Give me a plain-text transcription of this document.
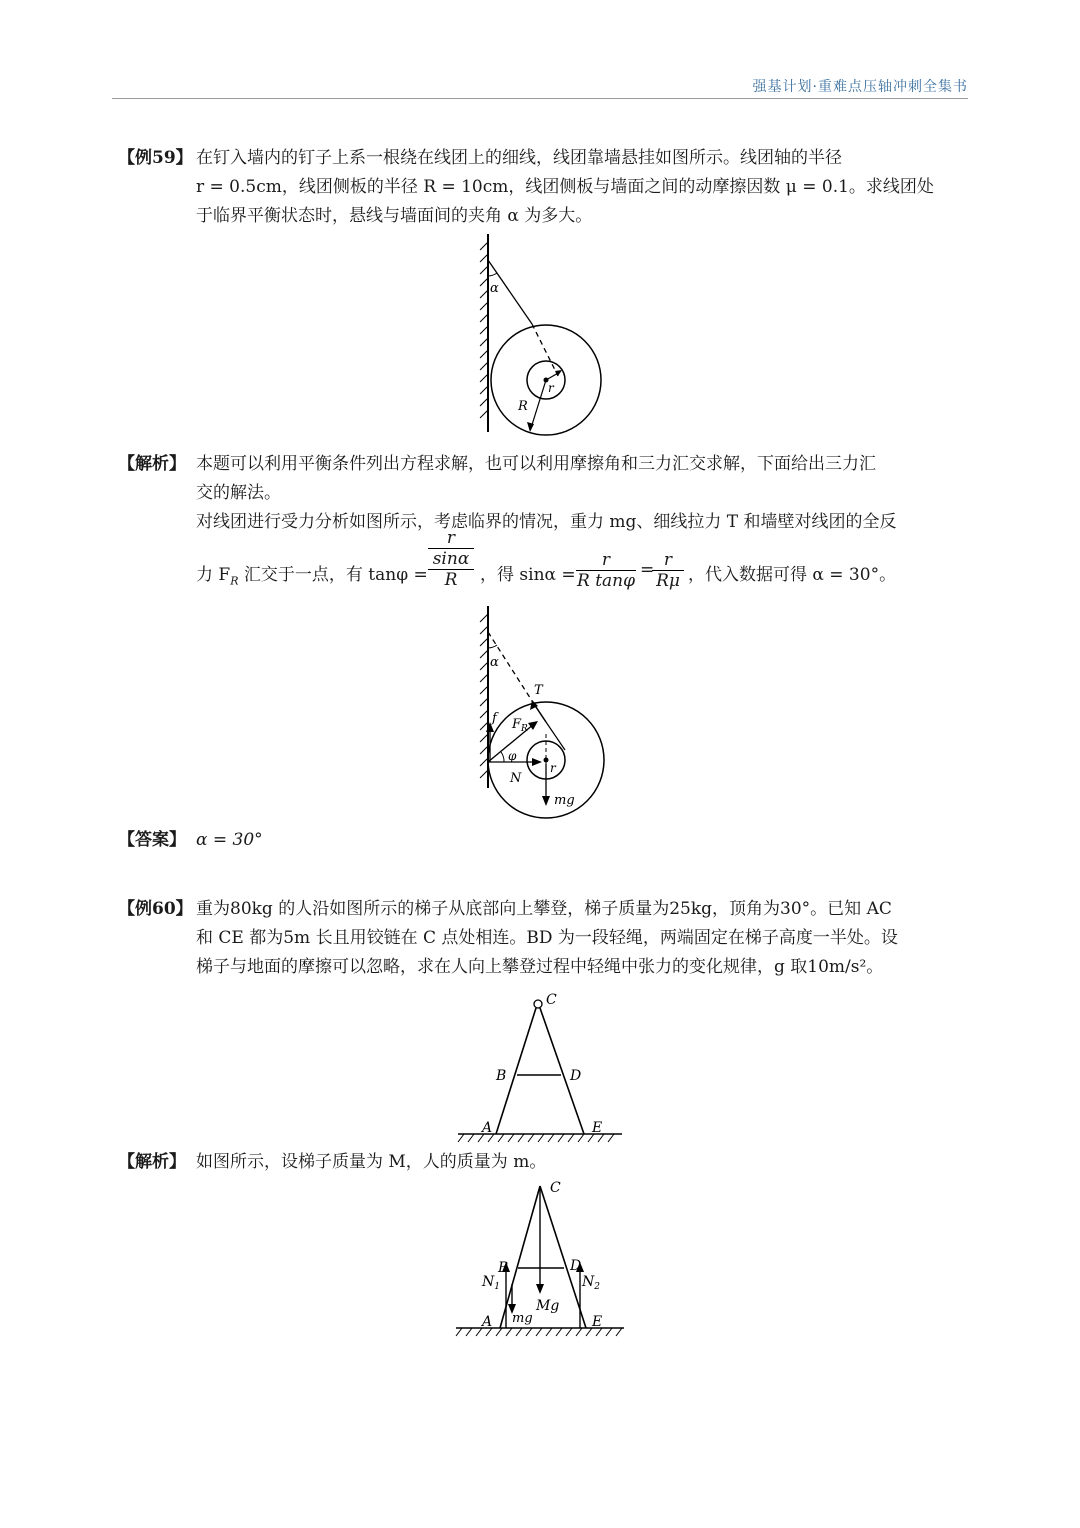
强基计划·重难点压轴冲刺全集书
【例59】 在钉入墙内的钉子上系一根绕在线团上的细线，线团靠墙悬挂如图所示。线团轴的半径
r = 0.5cm，线团侧板的半径 R = 10cm，线团侧板与墙面之间的动摩擦因数 μ = 0.1。求线团处
于临界平衡状态时，悬线与墙面间的夹角 α 为多大。
α
r
R
【解析】 本题可以利用平衡条件列出方程求解，也可以利用摩擦角和三力汇交求解，下面给出三力汇
交的解法。
对线团进行受力分析如图所示，考虑临界的情况，重力 mg、细线拉力 T 和墙壁对线团的全反
力 $F_R$ 汇交于一点，有 tanφ =
r
sinα
R	，得 sinα =
r
R tanφ
= r
Rμ ，代入数据可得 α = 30°。
α
T
f $F_R$
φ
N
r
mg
【答案】 α = 30°
【例60】 重为80kg 的人沿如图所示的梯子从底部向上攀登，梯子质量为25kg，顶角为30°。已知 AC
和 CE 都为5m 长且用铰链在 C 点处相连。BD 为一段轻绳，两端固定在梯子高度一半处。设
梯子与地面的摩擦可以忽略，求在人向上攀登过程中轻绳中张力的变化规律，g 取10m/s²。
C
B	D
A	E
【解析】 如图所示，设梯子质量为 M，人的质量为 m。
C
B	D
$N_1$	$N_2$
Mg
mg
A	E
